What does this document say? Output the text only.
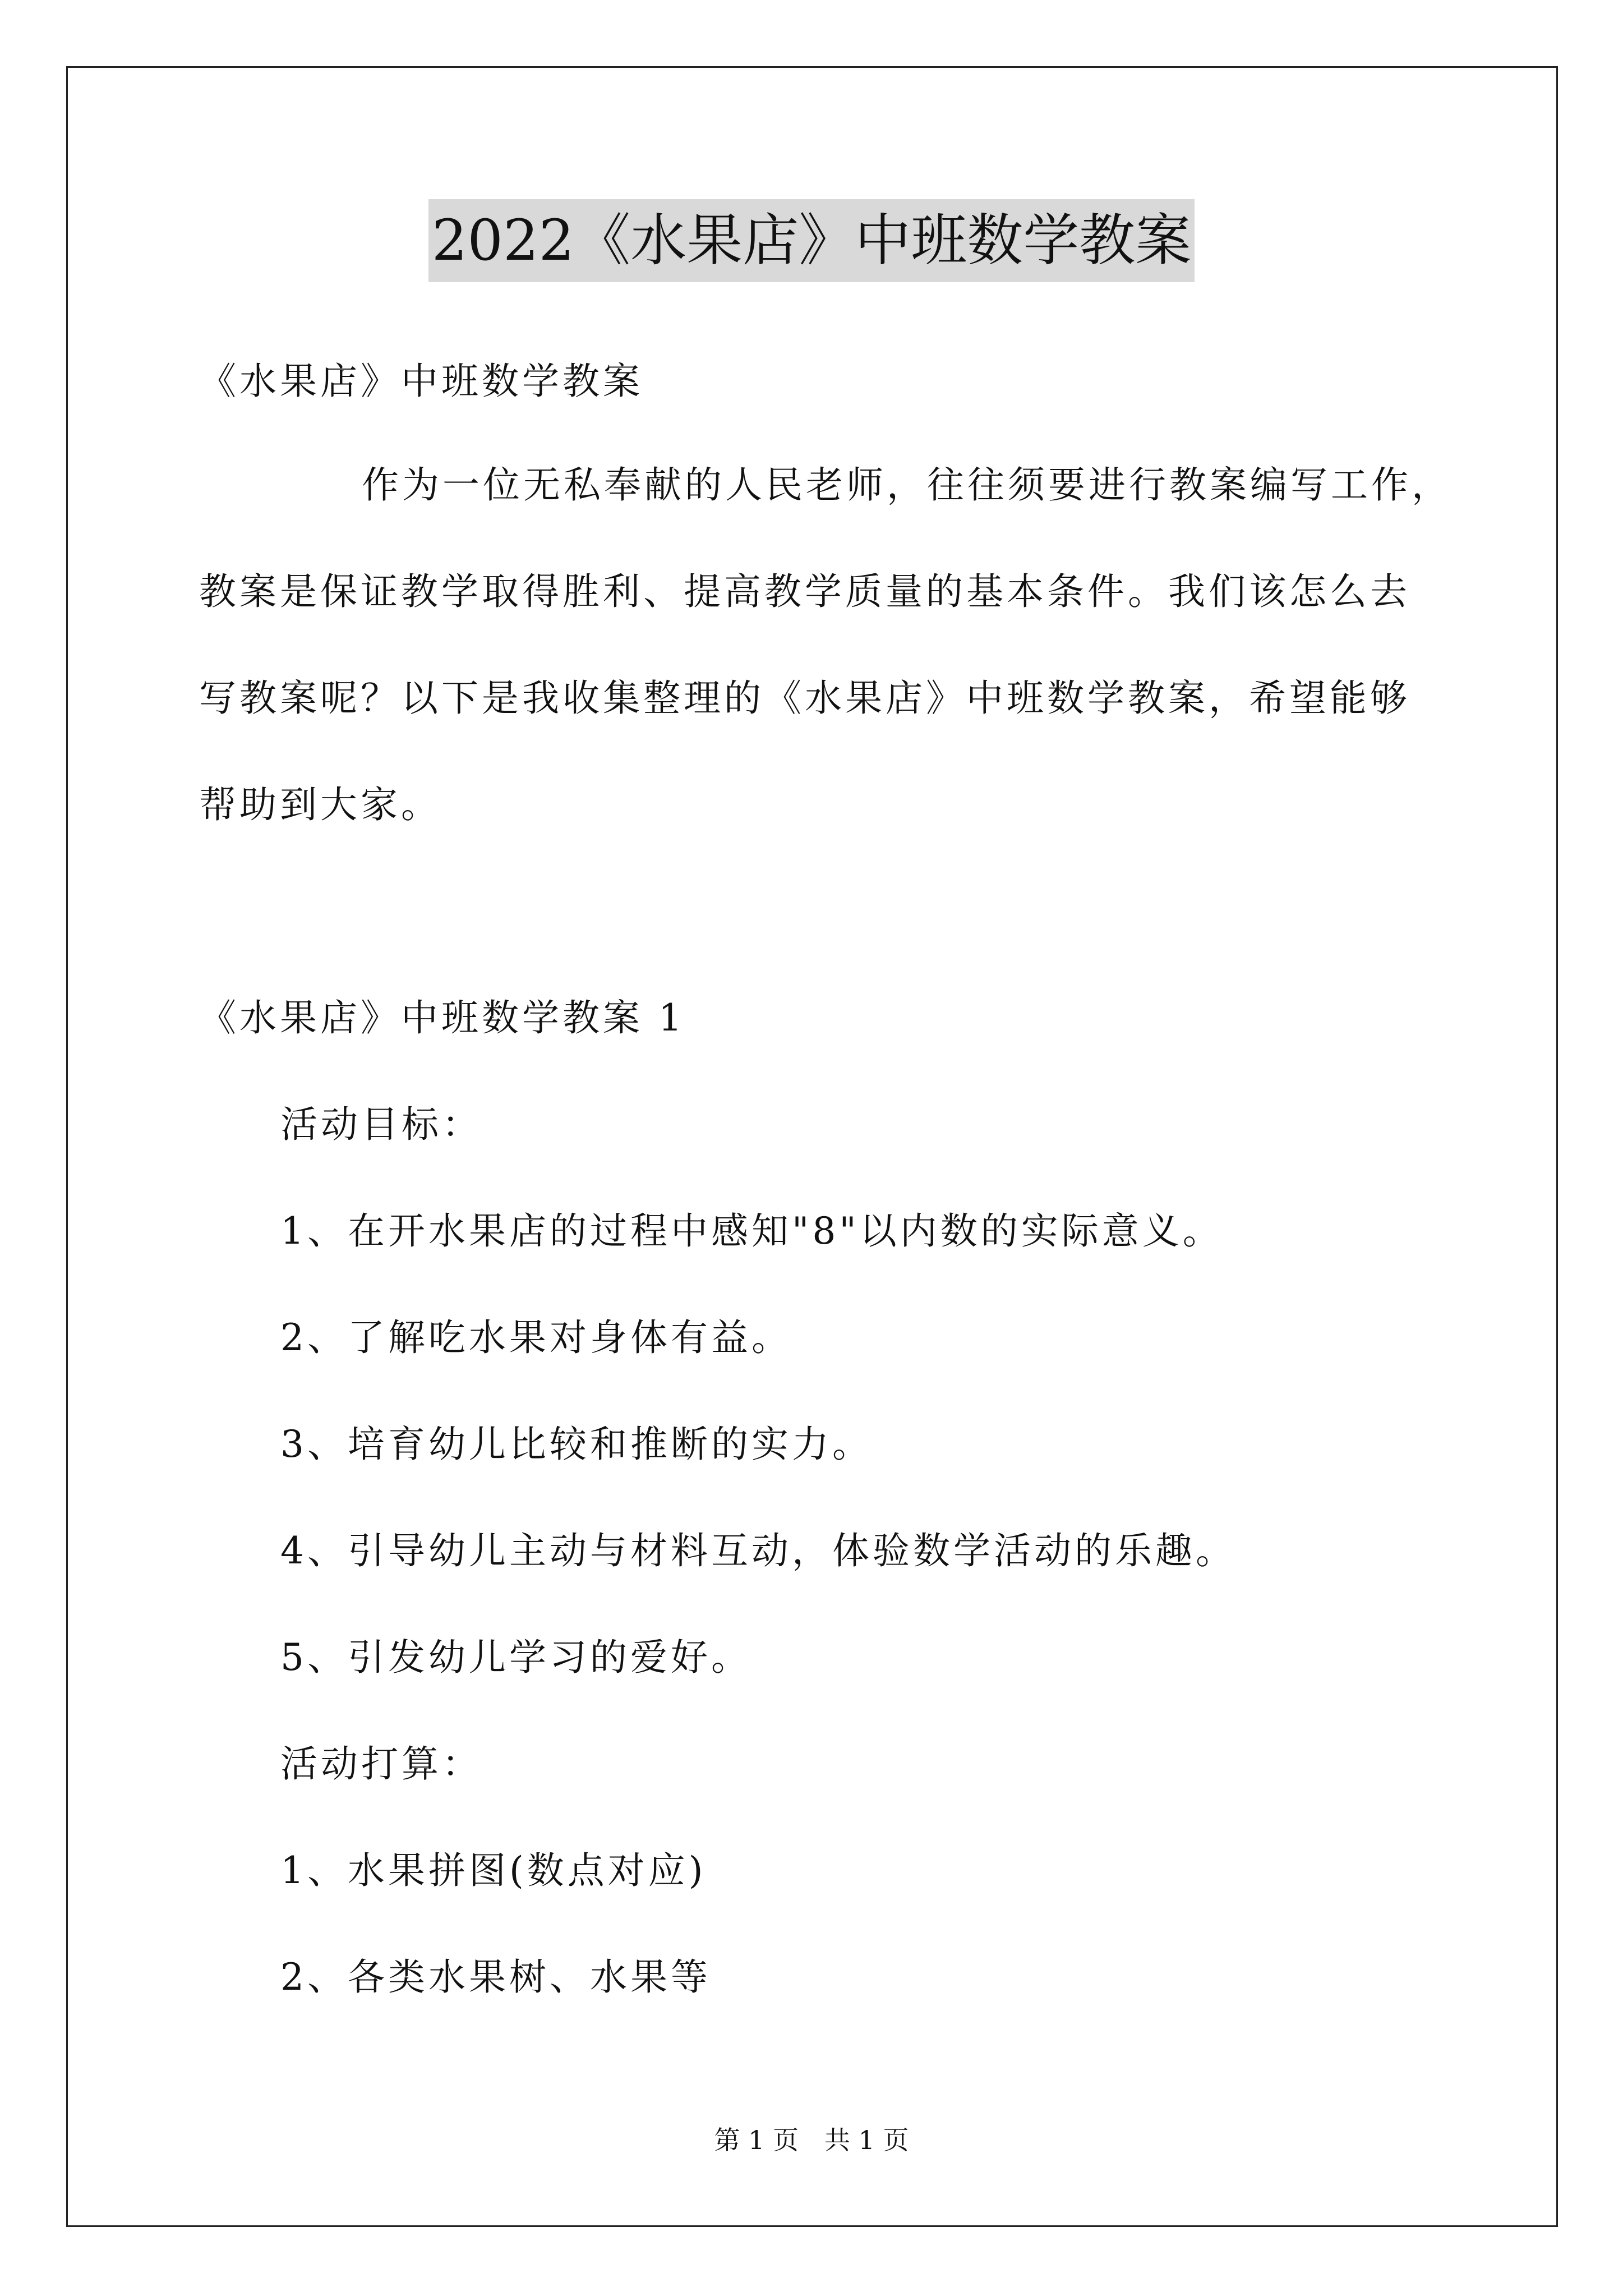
2022《水果店》中班数学教案
《水果店》中班数学教案
作为一位无私奉献的人民老师，往往须要进行教案编写工作，
教案是保证教学取得胜利、提高教学质量的基本条件。我们该怎么去
写教案呢？以下是我收集整理的《水果店》中班数学教案，希望能够
帮助到大家。
《水果店》中班数学教案 1
活动目标：
1、在开水果店的过程中感知"8"以内数的实际意义。
2、了解吃水果对身体有益。
3、培育幼儿比较和推断的实力。
4、引导幼儿主动与材料互动，体验数学活动的乐趣。
5、引发幼儿学习的爱好。
活动打算：
1、水果拼图(数点对应)
2、各类水果树、水果等
第 1 页　共 1 页
